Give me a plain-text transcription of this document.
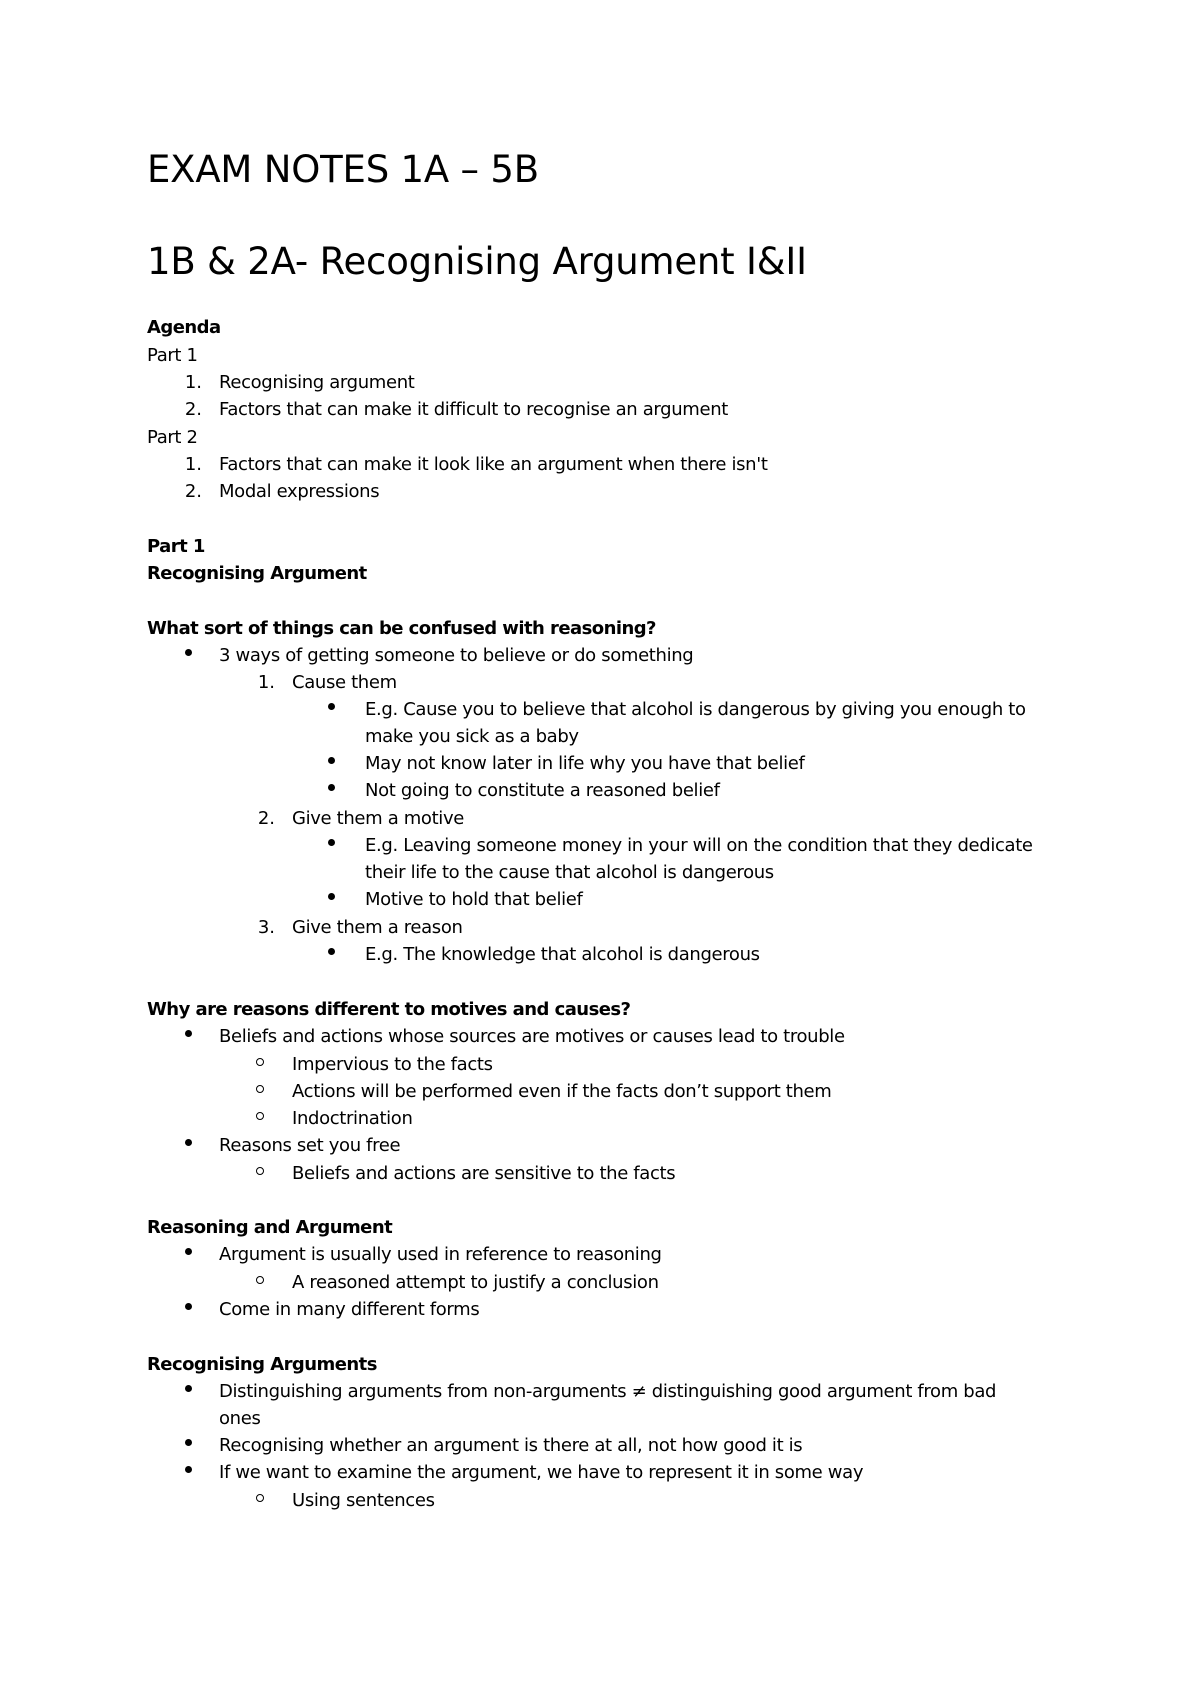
EXAM NOTES 1A – 5B
1B & 2A- Recognising Argument I&II
Agenda
Part 1
1. Recognising argument
2. Factors that can make it difficult to recognise an argument
Part 2
1. Factors that can make it look like an argument when there isn't
2. Modal expressions
Part 1
Recognising Argument
What sort of things can be confused with reasoning?
3 ways of getting someone to believe or do something
1. Cause them
E.g. Cause you to believe that alcohol is dangerous by giving you enough to
make you sick as a baby
May not know later in life why you have that belief
Not going to constitute a reasoned belief
2. Give them a motive
E.g. Leaving someone money in your will on the condition that they dedicate
their life to the cause that alcohol is dangerous
Motive to hold that belief
3. Give them a reason
E.g. The knowledge that alcohol is dangerous
Why are reasons different to motives and causes?
Beliefs and actions whose sources are motives or causes lead to trouble
Impervious to the facts
Actions will be performed even if the facts don’t support them
Indoctrination
Reasons set you free
Beliefs and actions are sensitive to the facts
Reasoning and Argument
Argument is usually used in reference to reasoning
A reasoned attempt to justify a conclusion
Come in many different forms
Recognising Arguments
Distinguishing arguments from non-arguments ≠ distinguishing good argument from bad
ones
Recognising whether an argument is there at all, not how good it is
If we want to examine the argument, we have to represent it in some way
Using sentences
